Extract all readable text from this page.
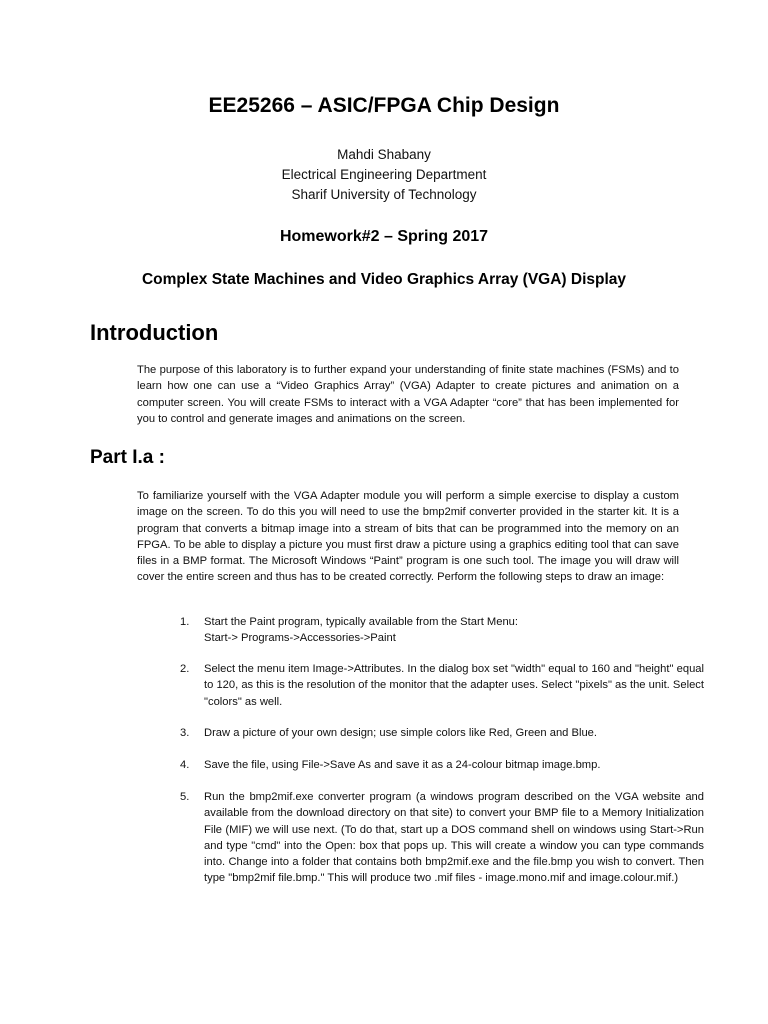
EE25266 – ASIC/FPGA Chip Design
Mahdi Shabany
Electrical Engineering Department
Sharif University of Technology
Homework#2 – Spring 2017
Complex State Machines and Video Graphics Array (VGA) Display
Introduction
The purpose of this laboratory is to further expand your understanding of finite state machines (FSMs) and to learn how one can use a “Video Graphics Array” (VGA) Adapter to create pictures and animation on a computer screen. You will create FSMs to interact with a VGA Adapter “core” that has been implemented for you to control and generate images and animations on the screen.
Part I.a :
To familiarize yourself with the VGA Adapter module you will perform a simple exercise to display a custom image on the screen. To do this you will need to use the bmp2mif converter provided in the starter kit. It is a program that converts a bitmap image into a stream of bits that can be programmed into the memory on an FPGA. To be able to display a picture you must first draw a picture using a graphics editing tool that can save files in a BMP format. The Microsoft Windows “Paint” program is one such tool. The image you will draw will cover the entire screen and thus has to be created correctly. Perform the following steps to draw an image:
1. Start the Paint program, typically available from the Start Menu:
Start-> Programs->Accessories->Paint
2. Select the menu item Image->Attributes. In the dialog box set "width" equal to 160 and "height" equal to 120, as this is the resolution of the monitor that the adapter uses. Select "pixels" as the unit. Select "colors" as well.
3. Draw a picture of your own design; use simple colors like Red, Green and Blue.
4. Save the file, using File->Save As and save it as a 24-colour bitmap image.bmp.
5. Run the bmp2mif.exe converter program (a windows program described on the VGA website and available from the download directory on that site) to convert your BMP file to a Memory Initialization File (MIF) we will use next. (To do that, start up a DOS command shell on windows using Start->Run and type "cmd" into the Open: box that pops up. This will create a window you can type commands into. Change into a folder that contains both bmp2mif.exe and the file.bmp you wish to convert. Then type "bmp2mif file.bmp." This will produce two .mif files - image.mono.mif and image.colour.mif.)
